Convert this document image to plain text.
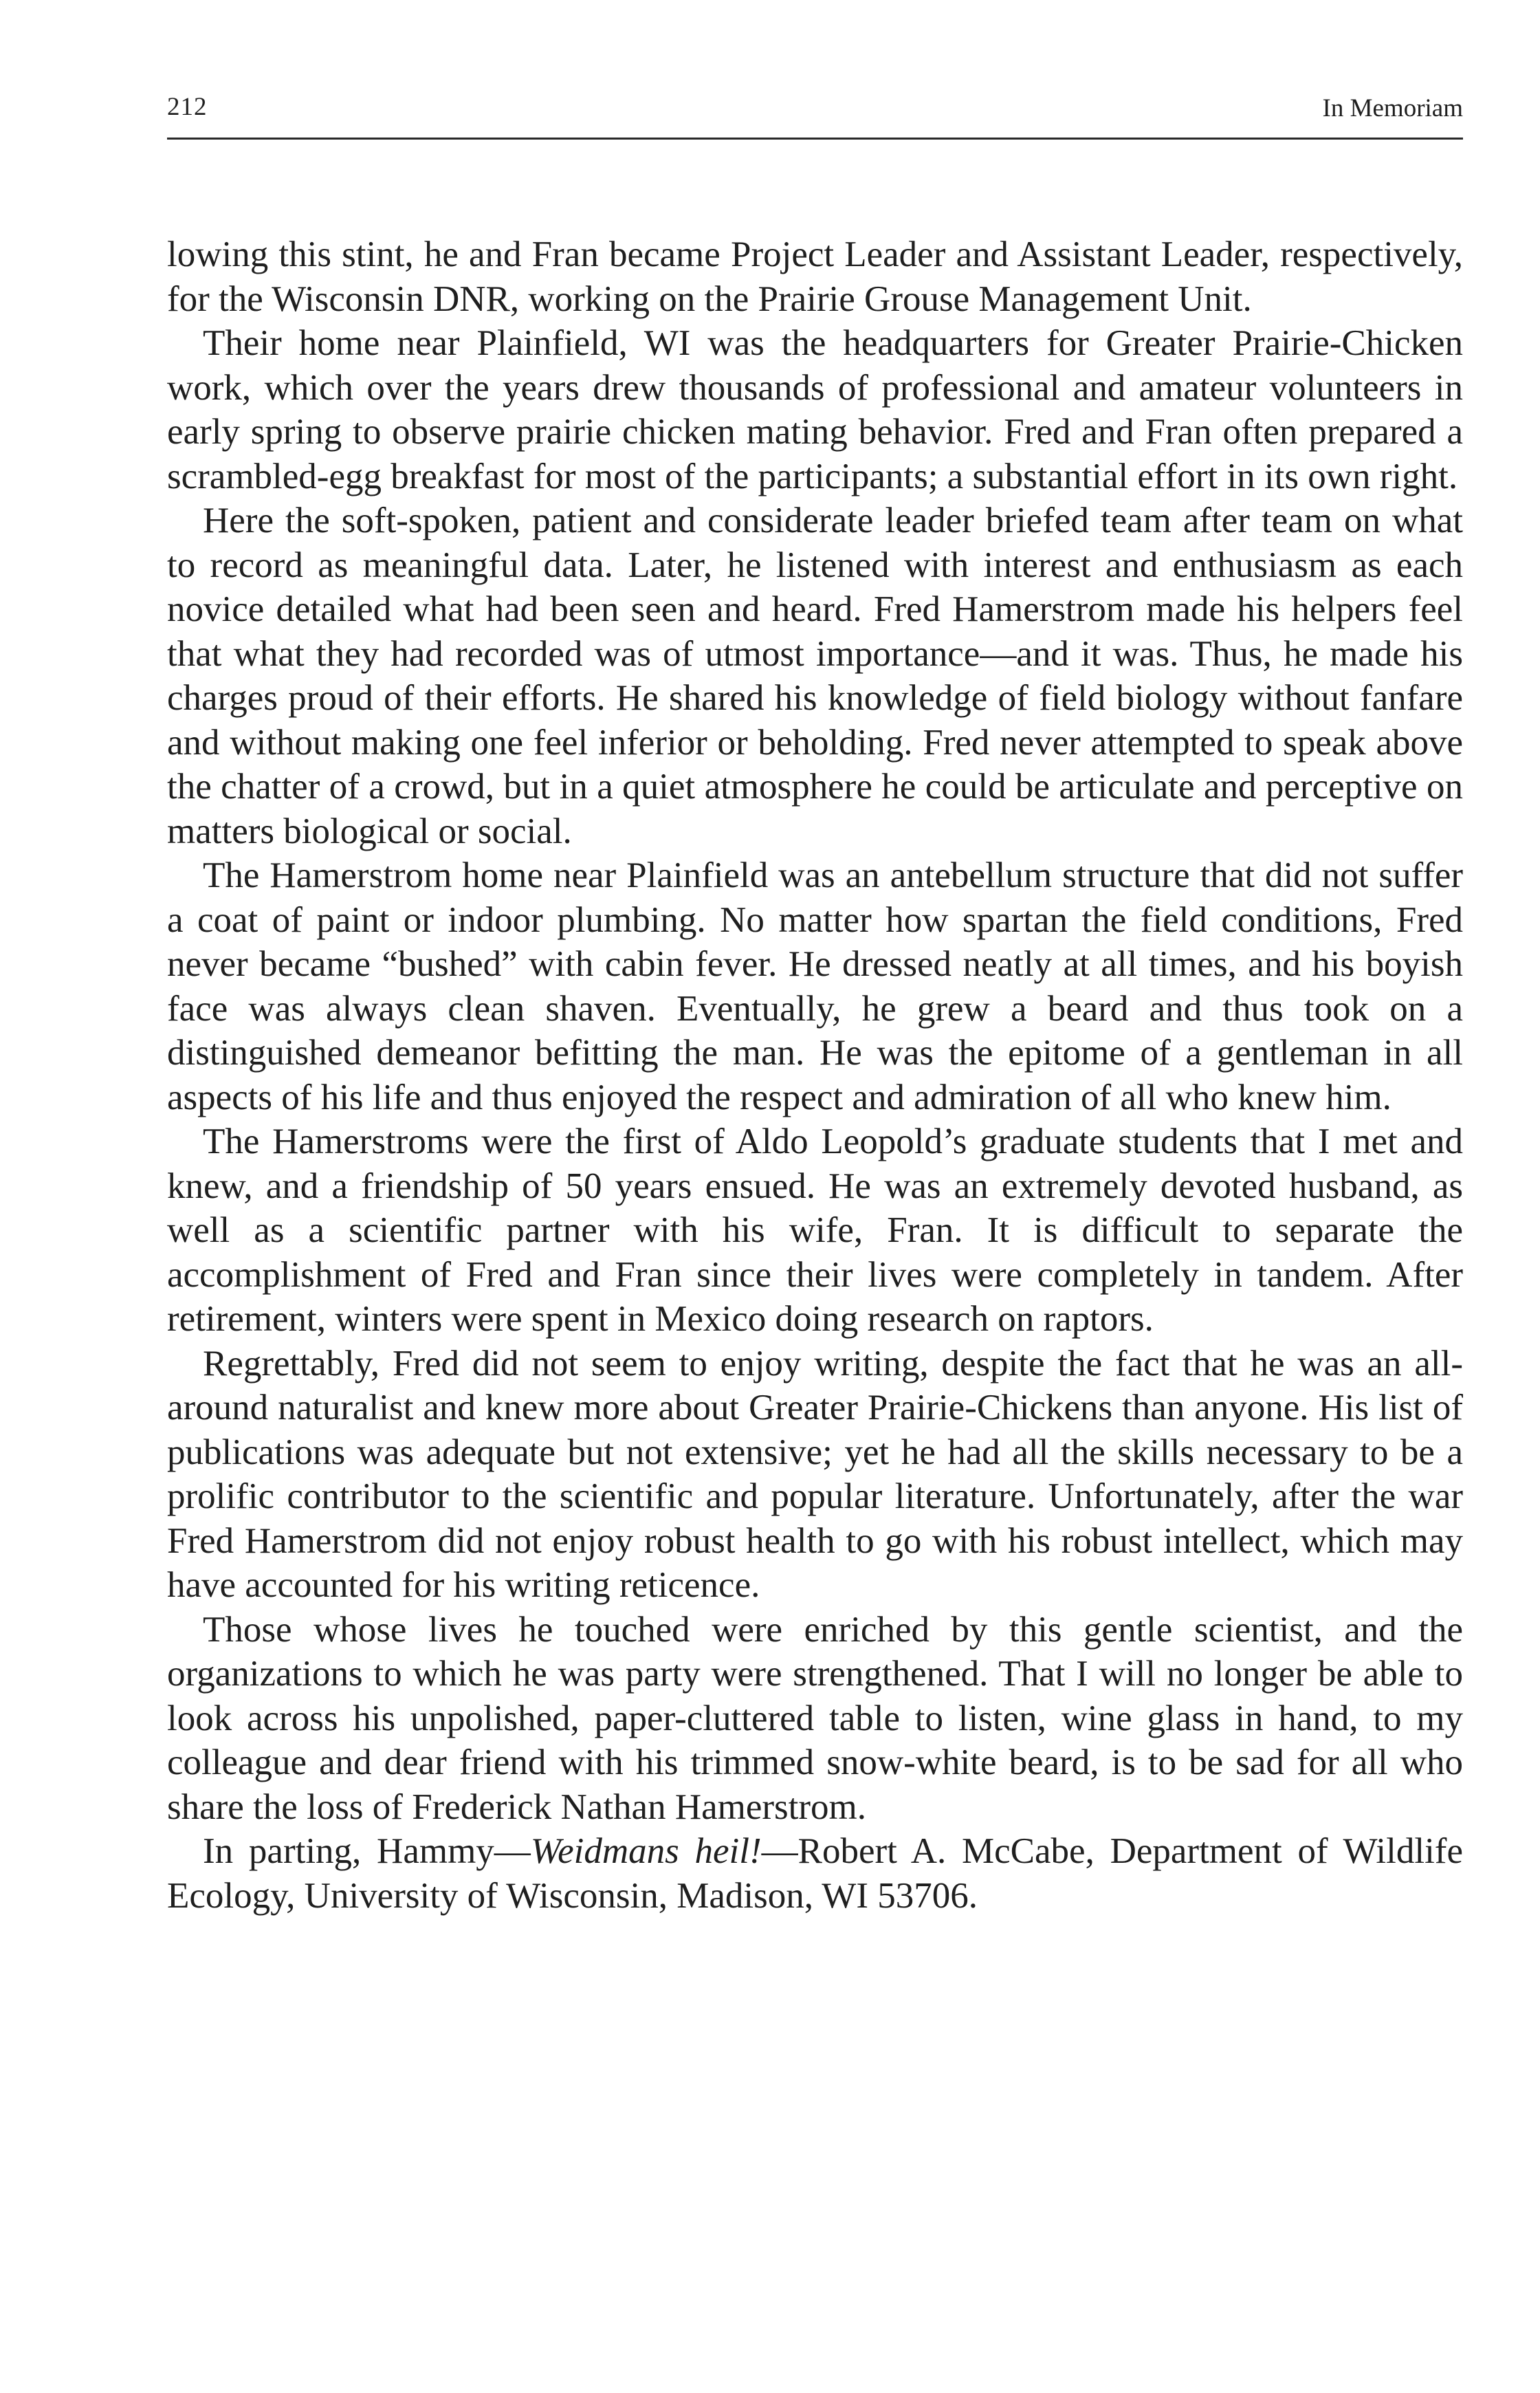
212	In Memoriam

lowing this stint, he and Fran became Project Leader and Assistant Leader, respectively, for the Wisconsin DNR, working on the Prairie Grouse Management Unit.

Their home near Plainfield, WI was the headquarters for Greater Prairie-Chicken work, which over the years drew thousands of professional and amateur volunteers in early spring to observe prairie chicken mating behavior. Fred and Fran often prepared a scrambled-egg breakfast for most of the participants; a substantial effort in its own right.

Here the soft-spoken, patient and considerate leader briefed team after team on what to record as meaningful data. Later, he listened with interest and enthusiasm as each novice detailed what had been seen and heard. Fred Hamerstrom made his helpers feel that what they had recorded was of utmost importance—and it was. Thus, he made his charges proud of their efforts. He shared his knowledge of field biology without fanfare and without making one feel inferior or beholding. Fred never attempted to speak above the chatter of a crowd, but in a quiet atmosphere he could be articulate and perceptive on matters biological or social.

The Hamerstrom home near Plainfield was an antebellum structure that did not suffer a coat of paint or indoor plumbing. No matter how spartan the field conditions, Fred never became “bushed” with cabin fever. He dressed neatly at all times, and his boyish face was always clean shaven. Eventually, he grew a beard and thus took on a distinguished demeanor befitting the man. He was the epitome of a gentleman in all aspects of his life and thus enjoyed the respect and admiration of all who knew him.

The Hamerstroms were the first of Aldo Leopold’s graduate students that I met and knew, and a friendship of 50 years ensued. He was an extremely devoted husband, as well as a scientific partner with his wife, Fran. It is difficult to separate the accomplishment of Fred and Fran since their lives were completely in tandem. After retirement, winters were spent in Mexico doing research on raptors.

Regrettably, Fred did not seem to enjoy writing, despite the fact that he was an all-around naturalist and knew more about Greater Prairie-Chickens than anyone. His list of publications was adequate but not extensive; yet he had all the skills necessary to be a prolific contributor to the scientific and popular literature. Unfortunately, after the war Fred Hamerstrom did not enjoy robust health to go with his robust intellect, which may have accounted for his writing reticence.

Those whose lives he touched were enriched by this gentle scientist, and the organizations to which he was party were strengthened. That I will no longer be able to look across his unpolished, paper-cluttered table to listen, wine glass in hand, to my colleague and dear friend with his trimmed snow-white beard, is to be sad for all who share the loss of Frederick Nathan Hamerstrom.

In parting, Hammy—Weidmans heil!—Robert A. McCabe, Department of Wildlife Ecology, University of Wisconsin, Madison, WI 53706.
